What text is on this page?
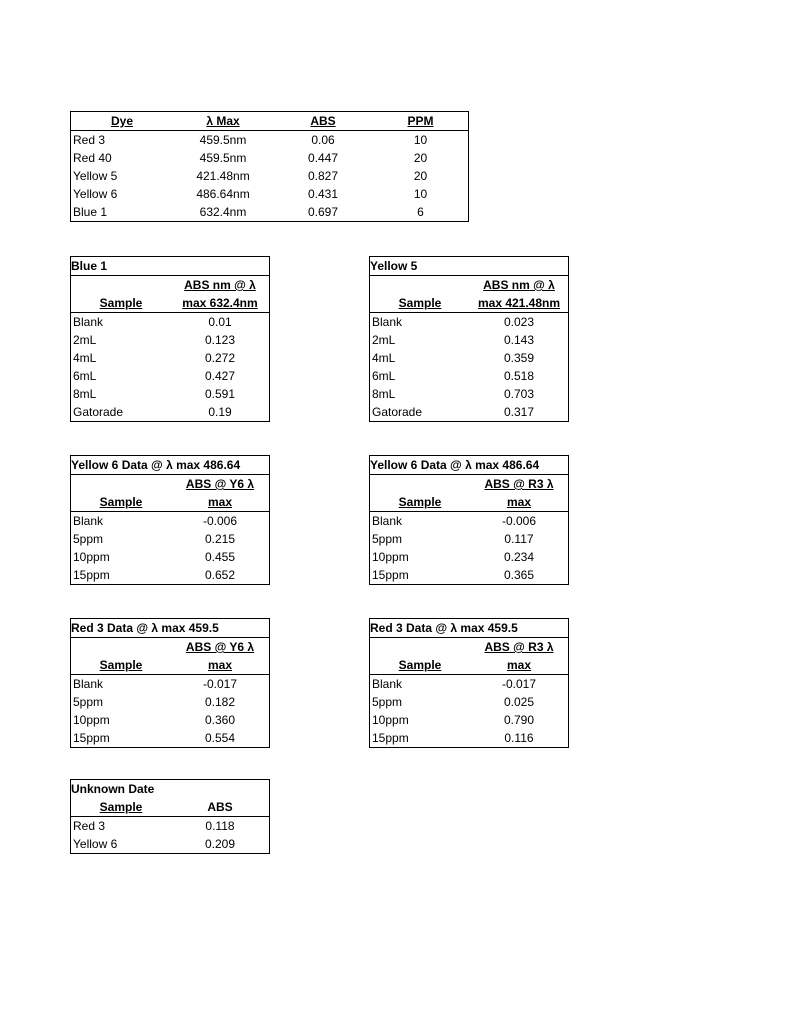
Dye	λ Max	ABS	PPM
Red 3	459.5nm	0.06	10
Red 40	459.5nm	0.447	20
Yellow 5	421.48nm	0.827	20
Yellow 6	486.64nm	0.431	10
Blue 1	632.4nm	0.697	6
Blue 1
ABS nm @ λ
Sample	max 632.4nm
Blank	0.01
2mL	0.123
4mL	0.272
6mL	0.427
8mL	0.591
Gatorade	0.19
Yellow 5
ABS nm @ λ
Sample	max 421.48nm
Blank	0.023
2mL	0.143
4mL	0.359
6mL	0.518
8mL	0.703
Gatorade	0.317
Yellow 6 Data @ λ max 486.64
ABS @ Y6 λ
Sample	max
Blank	-0.006
5ppm	0.215
10ppm	0.455
15ppm	0.652
Yellow 6 Data @ λ max 486.64
ABS @ R3 λ
Sample	max
Blank	-0.006
5ppm	0.117
10ppm	0.234
15ppm	0.365
Red 3 Data @ λ max 459.5
ABS @ Y6 λ
Sample	max
Blank	-0.017
5ppm	0.182
10ppm	0.360
15ppm	0.554
Red 3 Data @ λ max 459.5
ABS @ R3 λ
Sample	max
Blank	-0.017
5ppm	0.025
10ppm	0.790
15ppm	0.116
Unknown Date
Sample	ABS
Red 3	0.118
Yellow 6	0.209
